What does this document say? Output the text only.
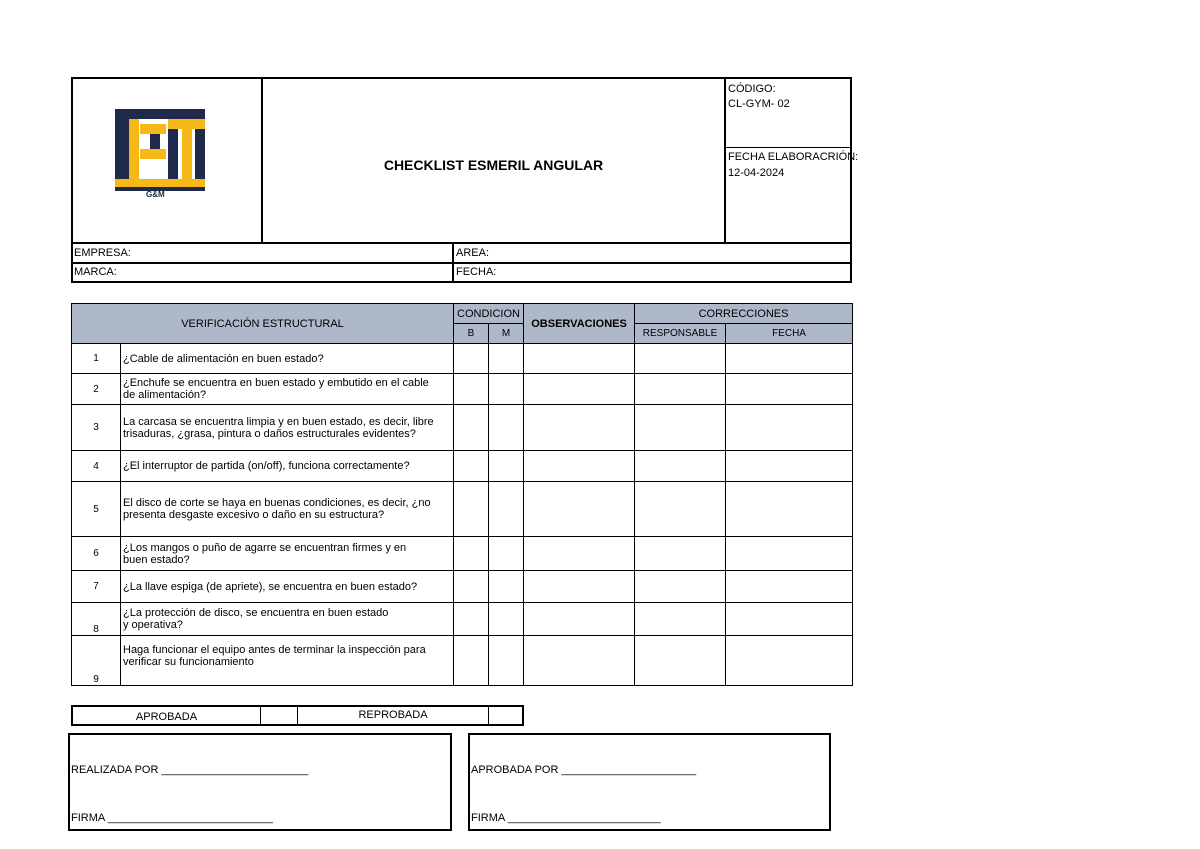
G&M
CHECKLIST ESMERIL ANGULAR
CÓDIGO:
CL-GYM- 02
FECHA ELABORACRIÓN:
12-04-2024
EMPRESA:	AREA:
MARCA:	FECHA:
VERIFICACIÓN ESTRUCTURAL		CONDICION		OBSERVACIONES	CORRECCIONES	
		B	M		RESPONSABLE	FECHA
1	¿Cable de alimentación en buen estado?					

2	¿Enchufe se encuentra en buen estado y embutido en el cable
de alimentación?					

3	La carcasa se encuentra limpia y en buen estado, es decir, libre
trisaduras, ¿grasa, pintura o daños estructurales evidentes?					

4	¿El interruptor de partida (on/off), funciona correctamente?					

5	El disco de corte se haya en buenas condiciones, es decir, ¿no
presenta desgaste excesivo o daño en su estructura?					

6	¿Los mangos o puño de agarre se encuentran firmes y en
buen estado?					

7	¿La llave espiga (de apriete), se encuentra en buen estado?					

8	¿La protección de disco, se encuentra en buen estado
y operativa?					

9	Haga funcionar el equipo antes de terminar la inspección para
verificar su funcionamiento					

APROBADA	REPROBADA
REALIZADA POR ________________________
FIRMA ___________________________
APROBADA POR ______________________
FIRMA _________________________
